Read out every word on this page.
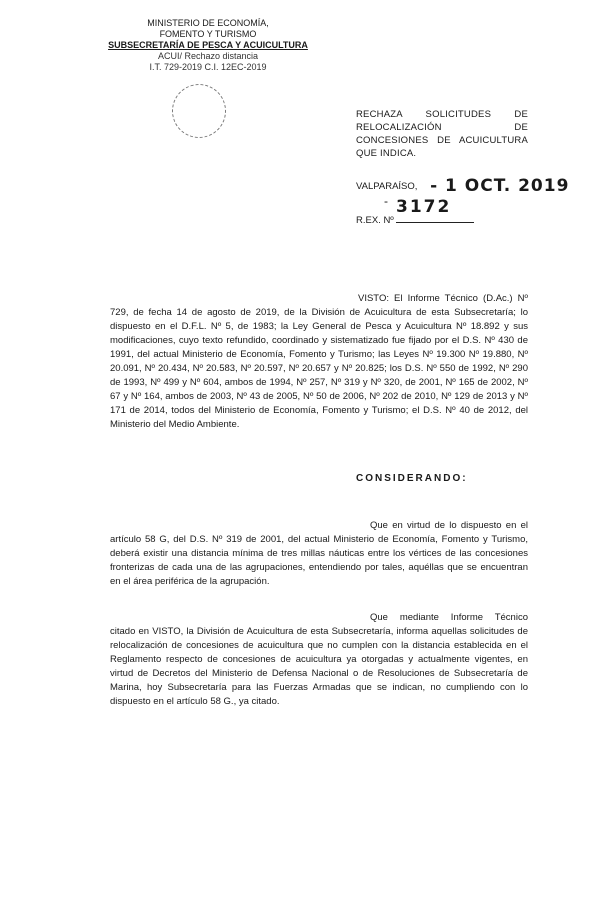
MINISTERIO DE ECONOMÍA,
FOMENTO Y TURISMO
SUBSECRETARÍA DE PESCA Y ACUICULTURA
ACUI/ Rechazo distancia
I.T. 729-2019 C.I. 12EC-2019
RECHAZA SOLICITUDES DE RELOCALIZACIÓN DE CONCESIONES DE ACUICULTURA QUE INDICA.
VALPARAÍSO, - 1 OCT. 2019
- 3172
R.EX. Nº
VISTO: El Informe Técnico (D.Ac.) Nº 729, de fecha 14 de agosto de 2019, de la División de Acuicultura de esta Subsecretaría; lo dispuesto en el D.F.L. Nº 5, de 1983; la Ley General de Pesca y Acuicultura Nº 18.892 y sus modificaciones, cuyo texto refundido, coordinado y sistematizado fue fijado por el D.S. Nº 430 de 1991, del actual Ministerio de Economía, Fomento y Turismo; las Leyes Nº 19.300 Nº 19.880, Nº 20.091, Nº 20.434, Nº 20.583, Nº 20.597, Nº 20.657 y Nº 20.825; los D.S. Nº 550 de 1992, Nº 290 de 1993, Nº 499 y Nº 604, ambos de 1994, Nº 257, Nº 319 y Nº 320, de 2001, Nº 165 de 2002, Nº 67 y Nº 164, ambos de 2003, Nº 43 de 2005, Nº 50 de 2006, Nº 202 de 2010, Nº 129 de 2013 y Nº 171 de 2014, todos del Ministerio de Economía, Fomento y Turismo; el D.S. Nº 40 de 2012, del Ministerio del Medio Ambiente.
CONSIDERANDO:
Que en virtud de lo dispuesto en el artículo 58 G, del D.S. Nº 319 de 2001, del actual Ministerio de Economía, Fomento y Turismo, deberá existir una distancia mínima de tres millas náuticas entre los vértices de las concesiones fronterizas de cada una de las agrupaciones, entendiendo por tales, aquéllas que se encuentran en el área periférica de la agrupación.
Que mediante Informe Técnico citado en VISTO, la División de Acuicultura de esta Subsecretaría, informa aquellas solicitudes de relocalización de concesiones de acuicultura que no cumplen con la distancia establecida en el Reglamento respecto de concesiones de acuicultura ya otorgadas y actualmente vigentes, en virtud de Decretos del Ministerio de Defensa Nacional o de Resoluciones de Subsecretaría de Marina, hoy Subsecretaría para las Fuerzas Armadas que se indican, no cumpliendo con lo dispuesto en el artículo 58 G., ya citado.
